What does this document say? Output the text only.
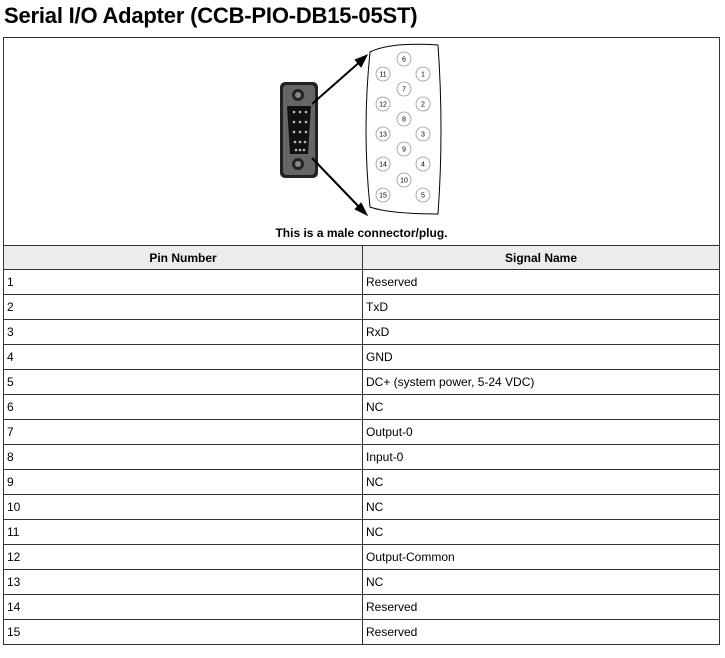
Serial I/O Adapter (CCB-PIO-DB15-05ST)
This is a male connector/plug.	

Pin Number	Signal Name
1	Reserved
2	TxD
3	RxD
4	GND
5	DC+ (system power, 5-24 VDC)
6	NC
7	Output-0
8	Input-0
9	NC
10	NC
11	NC
12	Output-Common
13	NC
14	Reserved
15	Reserved
6
11	1
7
12	2
8
13	3
9
14	4
10
15	5
